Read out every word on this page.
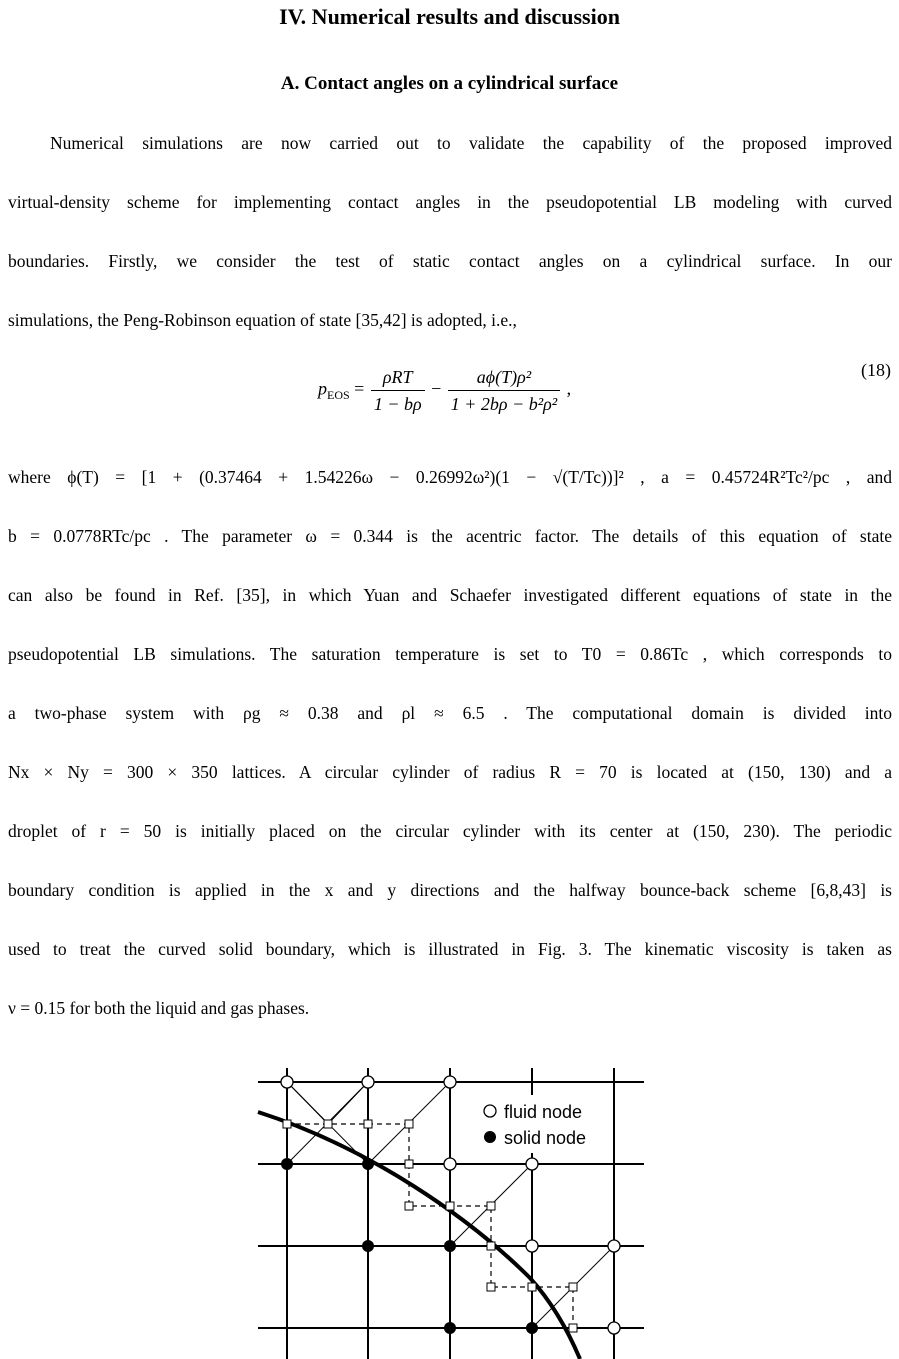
IV. Numerical results and discussion
A. Contact angles on a cylindrical surface
Numerical simulations are now carried out to validate the capability of the proposed improved
virtual-density scheme for implementing contact angles in the pseudopotential LB modeling with curved
boundaries. Firstly, we consider the test of static contact angles on a cylindrical surface. In our
simulations, the Peng-Robinson equation of state [35,42] is adopted, i.e.,
$p_{EOS} = \frac{\text{ρRT}}{1 - b\rho} - \frac{\text{aϕ(T)ρ²}}{\text{1 + 2bρ − b²ρ²}}$ ,
(18)
where ϕ(T) = [1 + (0.37464 + 1.54226ω − 0.26992ω²)(1 − √(T/Tc))]² , a = 0.45724R²Tc²/pc , and
b = 0.0778RTc/pc . The parameter ω = 0.344 is the acentric factor. The details of this equation of state
can also be found in Ref. [35], in which Yuan and Schaefer investigated different equations of state in the
pseudopotential LB simulations. The saturation temperature is set to T0 = 0.86Tc , which corresponds to
a two-phase system with ρg ≈ 0.38 and ρl ≈ 6.5 . The computational domain is divided into
Nx × Ny = 300 × 350 lattices. A circular cylinder of radius R = 70 is located at (150, 130) and a
droplet of r = 50 is initially placed on the circular cylinder with its center at (150, 230). The periodic
boundary condition is applied in the x and y directions and the halfway bounce-back scheme [6,8,43] is
used to treat the curved solid boundary, which is illustrated in Fig. 3. The kinematic viscosity is taken as
ν = 0.15 for both the liquid and gas phases.
fluid node
solid node
